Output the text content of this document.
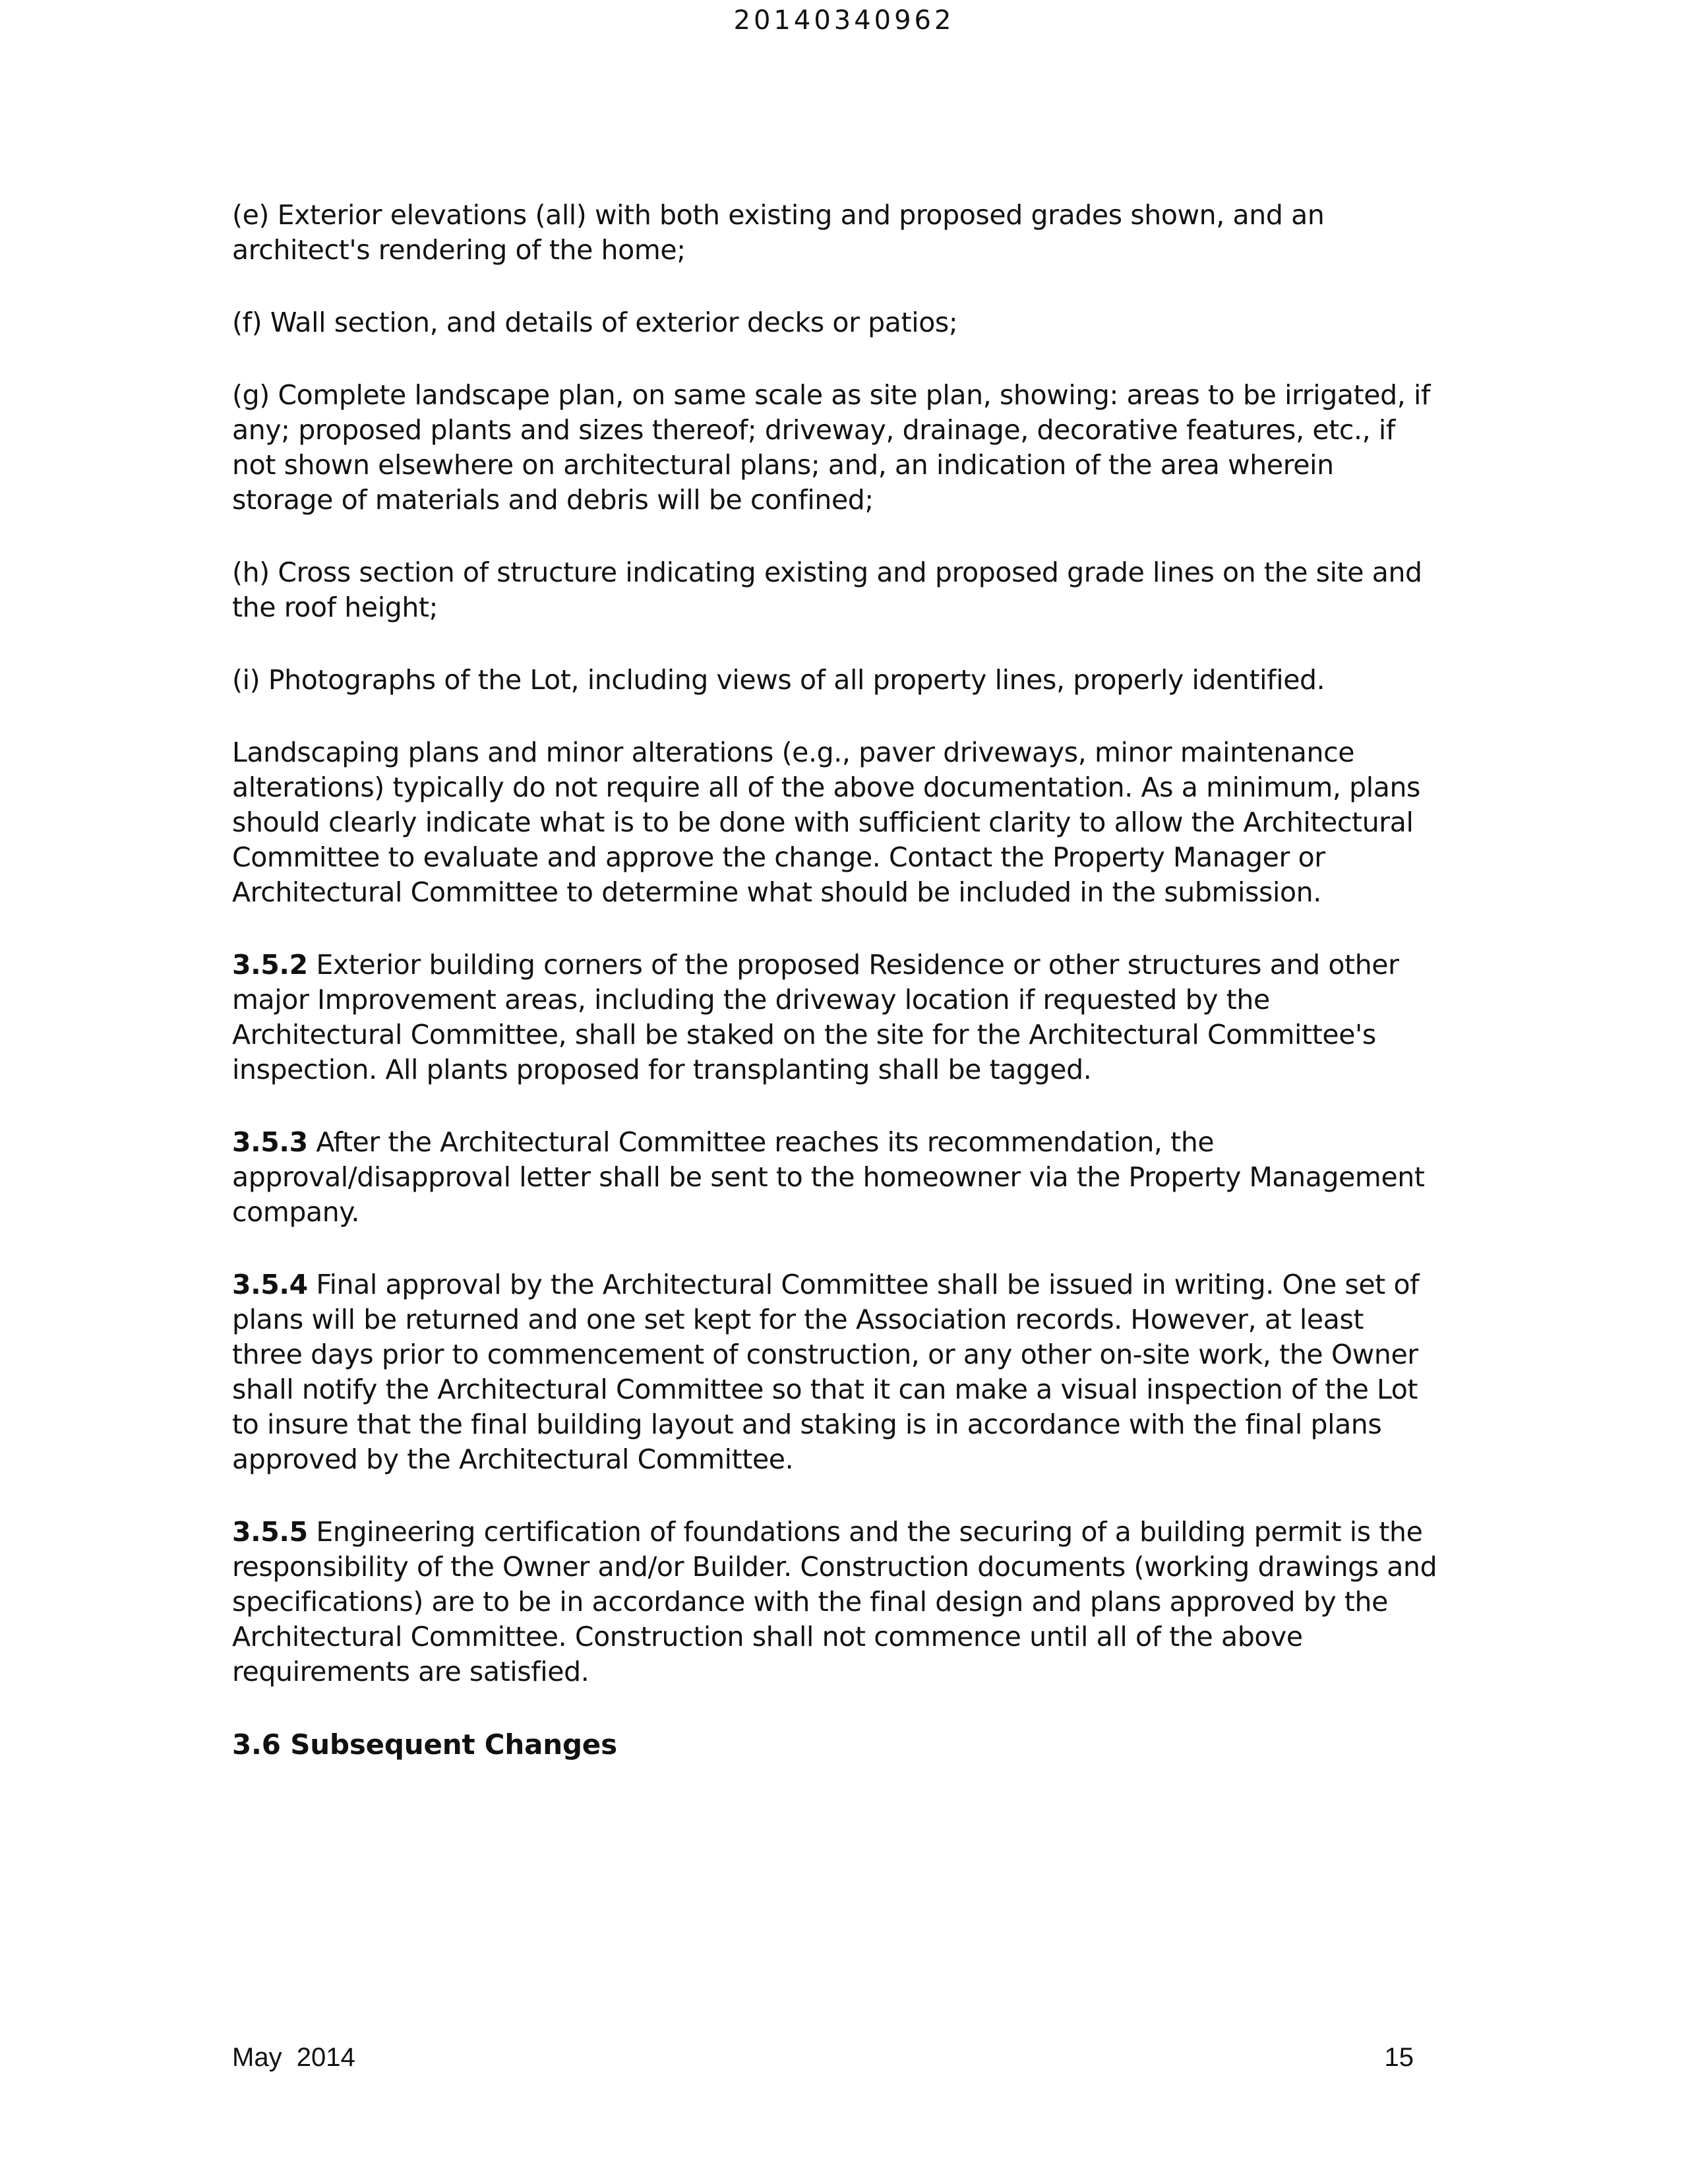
20140340962

(e) Exterior elevations (all) with both existing and proposed grades shown, and an architect's rendering of the home;

(f) Wall section, and details of exterior decks or patios;

(g) Complete landscape plan, on same scale as site plan, showing: areas to be irrigated, if any; proposed plants and sizes thereof; driveway, drainage, decorative features, etc., if not shown elsewhere on architectural plans; and, an indication of the area wherein storage of materials and debris will be confined;

(h) Cross section of structure indicating existing and proposed grade lines on the site and the roof height;

(i) Photographs of the Lot, including views of all property lines, properly identified.

Landscaping plans and minor alterations (e.g., paver driveways, minor maintenance alterations) typically do not require all of the above documentation. As a minimum, plans should clearly indicate what is to be done with sufficient clarity to allow the Architectural Committee to evaluate and approve the change. Contact the Property Manager or Architectural Committee to determine what should be included in the submission.

3.5.2 Exterior building corners of the proposed Residence or other structures and other major Improvement areas, including the driveway location if requested by the Architectural Committee, shall be staked on the site for the Architectural Committee's inspection. All plants proposed for transplanting shall be tagged.

3.5.3 After the Architectural Committee reaches its recommendation, the approval/disapproval letter shall be sent to the homeowner via the Property Management company.

3.5.4 Final approval by the Architectural Committee shall be issued in writing. One set of plans will be returned and one set kept for the Association records. However, at least three days prior to commencement of construction, or any other on-site work, the Owner shall notify the Architectural Committee so that it can make a visual inspection of the Lot to insure that the final building layout and staking is in accordance with the final plans approved by the Architectural Committee.

3.5.5 Engineering certification of foundations and the securing of a building permit is the responsibility of the Owner and/or Builder. Construction documents (working drawings and specifications) are to be in accordance with the final design and plans approved by the Architectural Committee. Construction shall not commence until all of the above requirements are satisfied.

3.6 Subsequent Changes
May  2014	15
